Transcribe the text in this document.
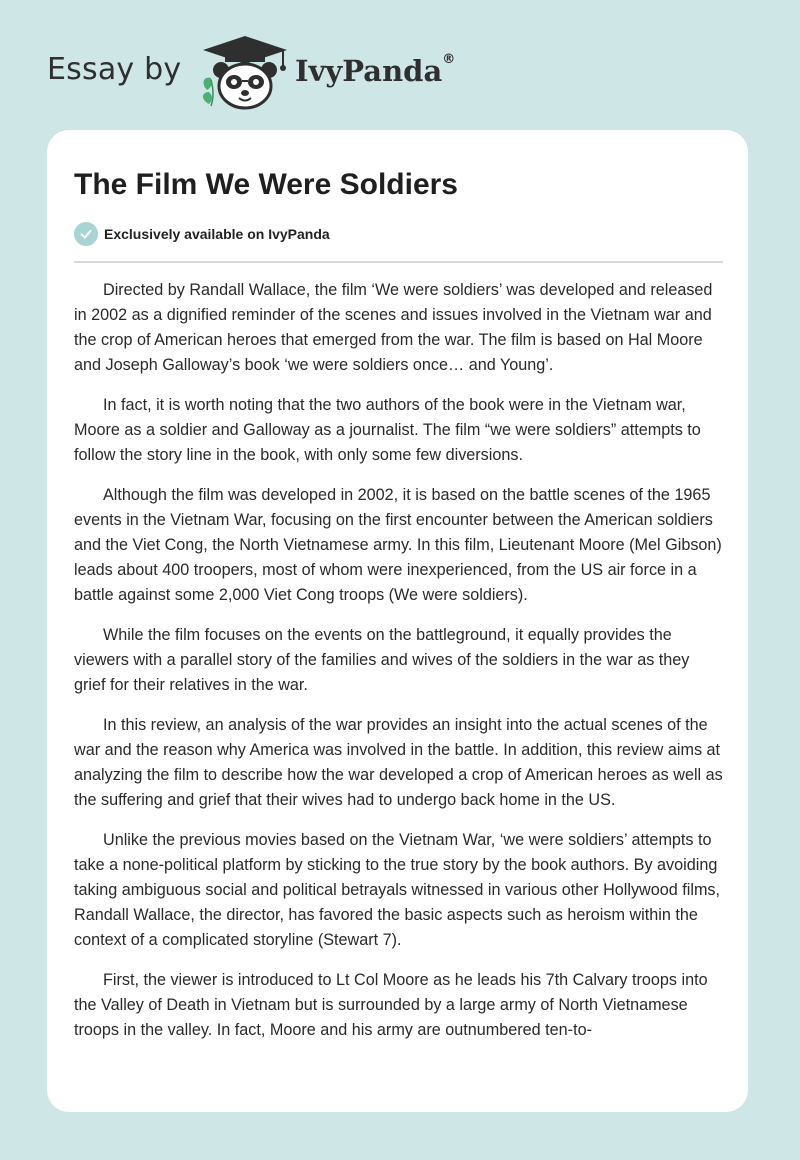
Essay by	IvyPanda®
The Film We Were Soldiers
Exclusively available on IvyPanda

Directed by Randall Wallace, the film ‘We were soldiers’ was developed and released in 2002 as a dignified reminder of the scenes and issues involved in the Vietnam war and the crop of American heroes that emerged from the war. The film is based on Hal Moore and Joseph Galloway’s book ‘we were soldiers once… and Young’.

In fact, it is worth noting that the two authors of the book were in the Vietnam war, Moore as a soldier and Galloway as a journalist. The film “we were soldiers” attempts to follow the story line in the book, with only some few diversions.

Although the film was developed in 2002, it is based on the battle scenes of the 1965 events in the Vietnam War, focusing on the first encounter between the American soldiers and the Viet Cong, the North Vietnamese army. In this film, Lieutenant Moore (Mel Gibson) leads about 400 troopers, most of whom were inexperienced, from the US air force in a battle against some 2,000 Viet Cong troops (We were soldiers).

While the film focuses on the events on the battleground, it equally provides the viewers with a parallel story of the families and wives of the soldiers in the war as they grief for their relatives in the war.

In this review, an analysis of the war provides an insight into the actual scenes of the war and the reason why America was involved in the battle. In addition, this review aims at analyzing the film to describe how the war developed a crop of American heroes as well as the suffering and grief that their wives had to undergo back home in the US.

Unlike the previous movies based on the Vietnam War, ‘we were soldiers’ attempts to take a none-political platform by sticking to the true story by the book authors. By avoiding taking ambiguous social and political betrayals witnessed in various other Hollywood films, Randall Wallace, the director, has favored the basic aspects such as heroism within the context of a complicated storyline (Stewart 7).

First, the viewer is introduced to Lt Col Moore as he leads his 7th Calvary troops into the Valley of Death in Vietnam but is surrounded by a large army of North Vietnamese troops in the valley. In fact, Moore and his army are outnumbered ten-to-
